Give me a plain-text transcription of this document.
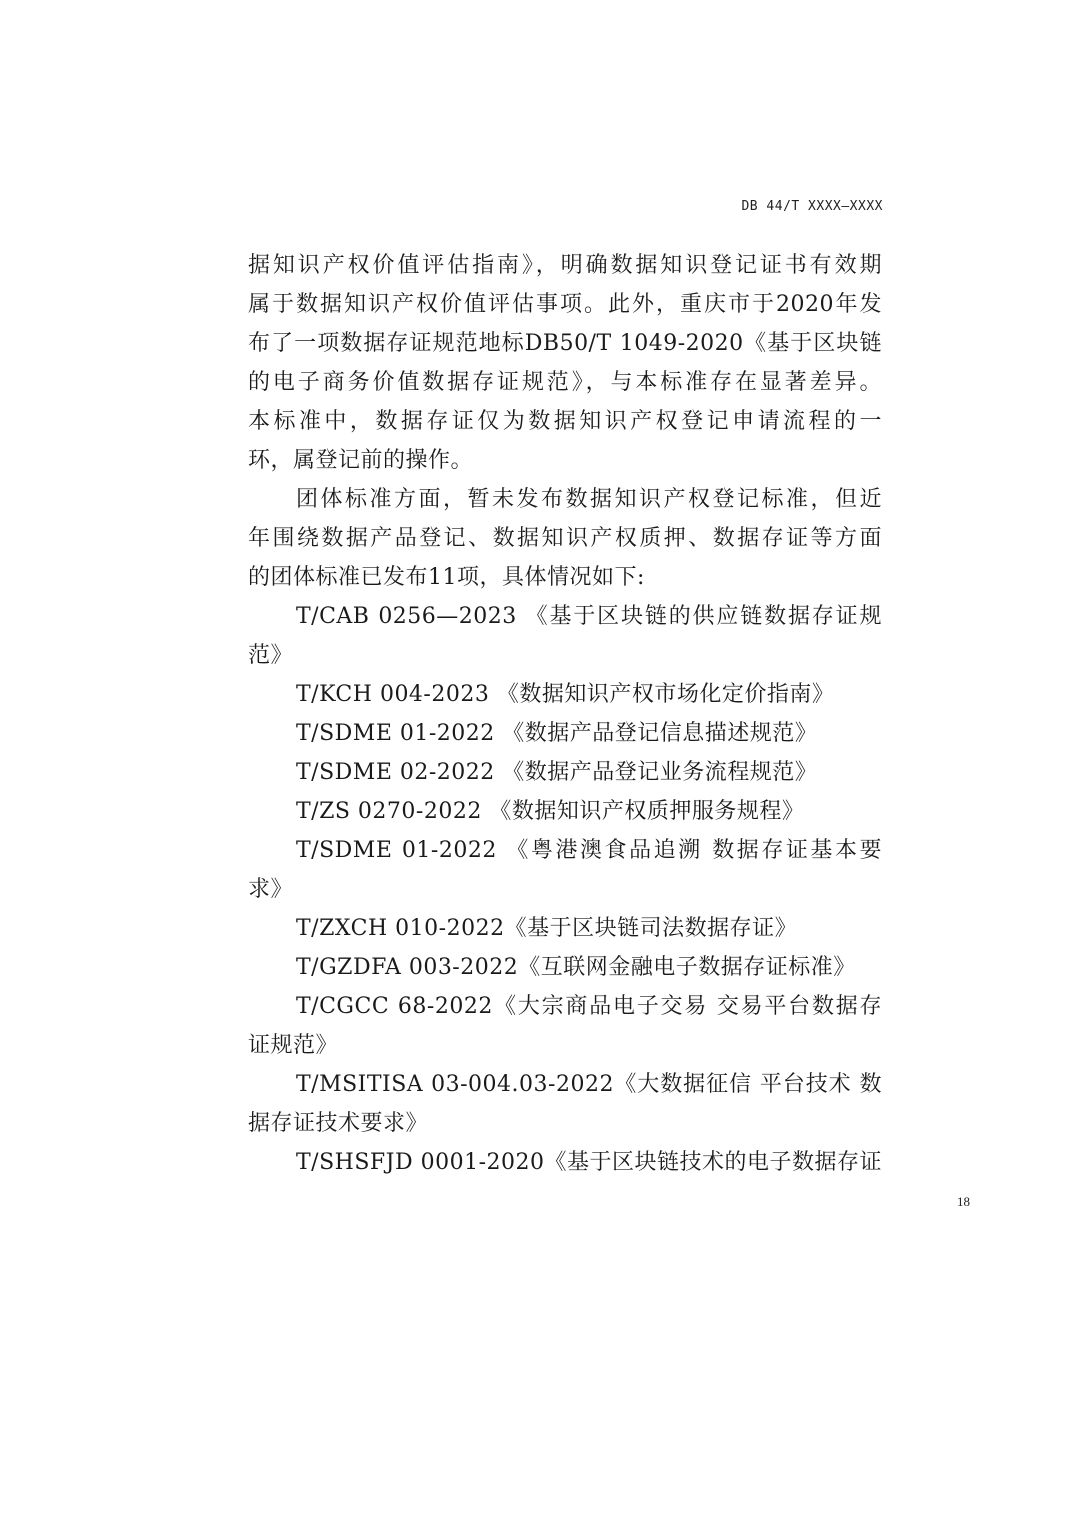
DB 44/T XXXX—XXXX
据知识产权价值评估指南》，明确数据知识登记证书有效期
属于数据知识产权价值评估事项。此外，重庆市于2020年发
布了一项数据存证规范地标DB50/T 1049-2020《基于区块链
的电子商务价值数据存证规范》，与本标准存在显著差异。
本标准中，数据存证仅为数据知识产权登记申请流程的一
环，属登记前的操作。
团体标准方面，暂未发布数据知识产权登记标准，但近
年围绕数据产品登记、数据知识产权质押、数据存证等方面
的团体标准已发布11项，具体情况如下:
T/CAB 0256—2023 《基于区块链的供应链数据存证规
范》
T/KCH 004-2023 《数据知识产权市场化定价指南》
T/SDME 01-2022 《数据产品登记信息描述规范》
T/SDME 02-2022 《数据产品登记业务流程规范》
T/ZS 0270-2022 《数据知识产权质押服务规程》
T/SDME 01-2022 《粤港澳食品追溯 数据存证基本要
求》
T/ZXCH 010-2022《基于区块链司法数据存证》
T/GZDFA 003-2022《互联网金融电子数据存证标准》
T/CGCC 68-2022《大宗商品电子交易 交易平台数据存
证规范》
T/MSITISA 03-004.03-2022《大数据征信 平台技术 数
据存证技术要求》
T/SHSFJD 0001-2020《基于区块链技术的电子数据存证
18
